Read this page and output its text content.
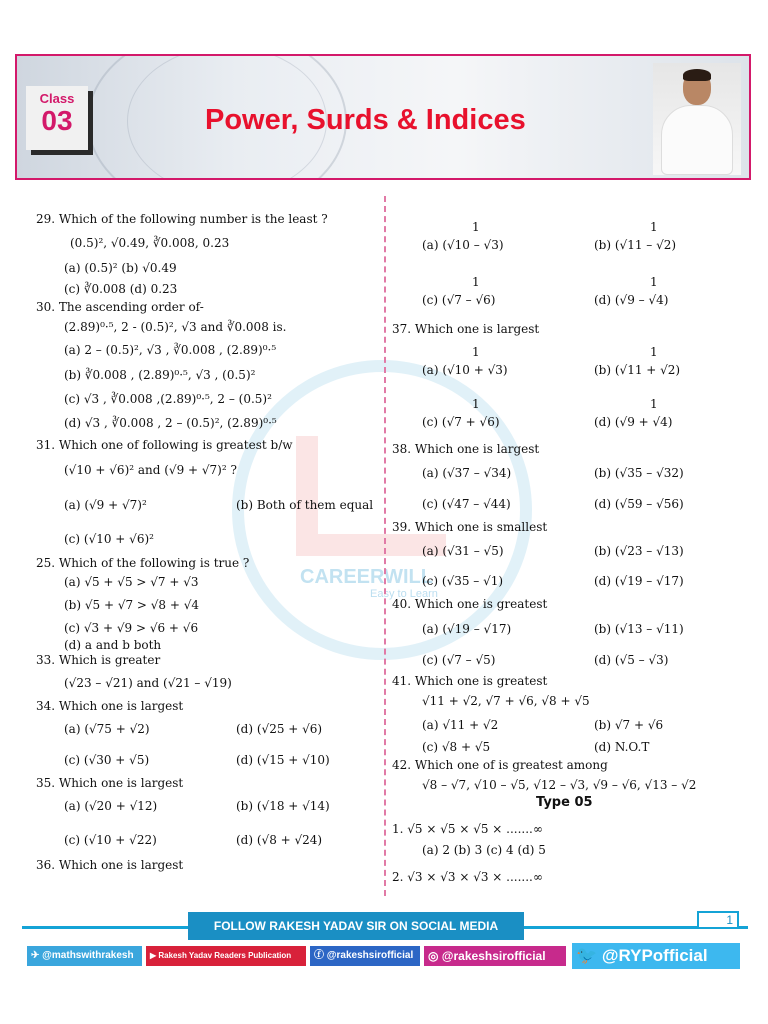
Class
03	Power, Surds & Indices
CAREERWILL
Easy to Learn
29. Which of the following number is the least ?
(0.5)², √0.49, ∛0.008, 0.23
(a) (0.5)² (b) √0.49
(c) ∛0.008 (d) 0.23
30. The ascending order of-
(2.89)⁰·⁵, 2 - (0.5)², √3 and ∛0.008 is.
(a) 2 – (0.5)², √3 , ∛0.008 , (2.89)⁰·⁵
(b) ∛0.008 , (2.89)⁰·⁵, √3 , (0.5)²
(c) √3 , ∛0.008 ,(2.89)⁰·⁵, 2 – (0.5)²
(d) √3 , ∛0.008 , 2 – (0.5)², (2.89)⁰·⁵
31. Which one of following is greatest b/w
(√10 + √6)² and (√9 + √7)² ?
(a) (√9 + √7)²	(b) Both of them equal
(c) (√10 + √6)²
25. Which of the following is true ?
(a) √5 + √5 > √7 + √3
(b) √5 + √7 > √8 + √4
(c) √3 + √9 > √6 + √6
(d) a and b both
33. Which is greater
(√23 – √21) and (√21 – √19)
34. Which one is largest
(a) (√75 + √2)	(d) (√25 + √6)
(c) (√30 + √5)	(d) (√15 + √10)
35. Which one is largest
(a) (√20 + √12)	(b) (√18 + √14)
(c) (√10 + √22)	(d) (√8 + √24)
36. Which one is largest
1	1
(a) (√10 – √3)	(b) (√11 – √2)
1	1
(c) (√7 – √6)	(d) (√9 – √4)
37. Which one is largest
1	1
(a) (√10 + √3)	(b) (√11 + √2)
1	1
(c) (√7 + √6)	(d) (√9 + √4)
38. Which one is largest
(a) (√37 – √34)	(b) (√35 – √32)
(c) (√47 – √44)	(d) (√59 – √56)
39. Which one is smallest
(a) (√31 – √5)	(b) (√23 – √13)
(c) (√35 – √1)	(d) (√19 – √17)
40. Which one is greatest
(a) (√19 – √17)	(b) (√13 – √11)
(c) (√7 – √5)	(d) (√5 – √3)
41. Which one is greatest
√11 + √2, √7 + √6, √8 + √5
(a) √11 + √2	(b) √7 + √6
(c) √8 + √5	(d) N.O.T
42. Which one of is greatest among
√8 – √7, √10 – √5, √12 – √3, √9 – √6, √13 – √2
1. √5 × √5 × √5 × .......∞
(a) 2 (b) 3 (c) 4 (d) 5
2. √3 × √3 × √3 × .......∞
Type 05
FOLLOW RAKESH YADAV SIR ON SOCIAL MEDIA	1
✈ @mathswithrakesh	▶ Rakesh Yadav Readers Publication	ⓕ @rakeshsirofficial	◎ @rakeshsirofficial	🐦 @RYPofficial
